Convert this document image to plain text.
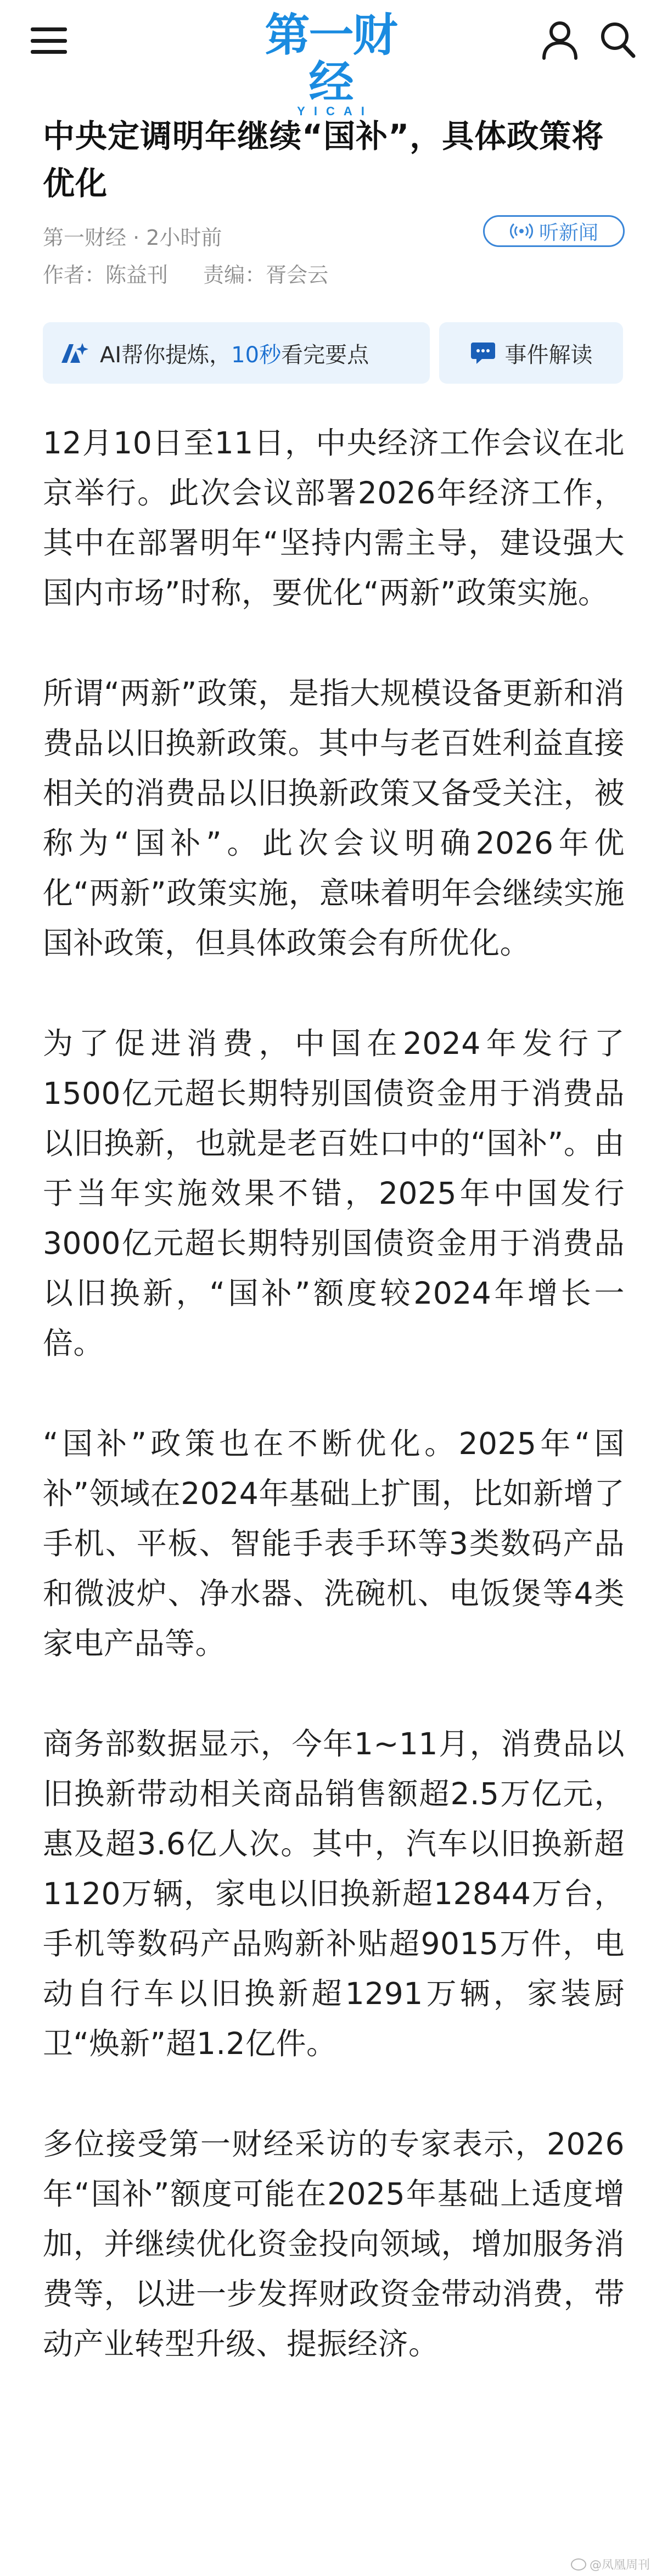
第一财经
YICAI
中央定调明年继续“国补”，具体政策将优化
第一财经 · 2小时前	听新闻
作者：陈益刊 责编：胥会云
AI帮你提炼， 10秒 看完要点	事件解读

12月10日至11日，中央经济工作会议在北京举行。此次会议部署2026年经济工作，其中在部署明年“坚持内需主导，建设强大国内市场”时称，要优化“两新”政策实施。

所谓“两新”政策，是指大规模设备更新和消费品以旧换新政策。其中与老百姓利益直接相关的消费品以旧换新政策又备受关注，被称为“国补”。此次会议明确2026年优化“两新”政策实施，意味着明年会继续实施国补政策，但具体政策会有所优化。

为了促进消费，中国在2024年发行了1500亿元超长期特别国债资金用于消费品以旧换新，也就是老百姓口中的“国补”。由于当年实施效果不错，2025年中国发行3000亿元超长期特别国债资金用于消费品以旧换新，“国补”额度较2024年增长一倍。

“国补”政策也在不断优化。2025年“国补”领域在2024年基础上扩围，比如新增了手机、平板、智能手表手环等3类数码产品和微波炉、净水器、洗碗机、电饭煲等4类家电产品等。

商务部数据显示，今年1~11月，消费品以旧换新带动相关商品销售额超2.5万亿元，惠及超3.6亿人次。其中，汽车以旧换新超1120万辆，家电以旧换新超12844万台，手机等数码产品购新补贴超9015万件，电动自行车以旧换新超1291万辆，家装厨卫“焕新”超1.2亿件。

多位接受第一财经采访的专家表示，2026年“国补”额度可能在2025年基础上适度增加，并继续优化资金投向领域，增加服务消费等，以进一步发挥财政资金带动消费，带动产业转型升级、提振经济。

@凤凰周刊
